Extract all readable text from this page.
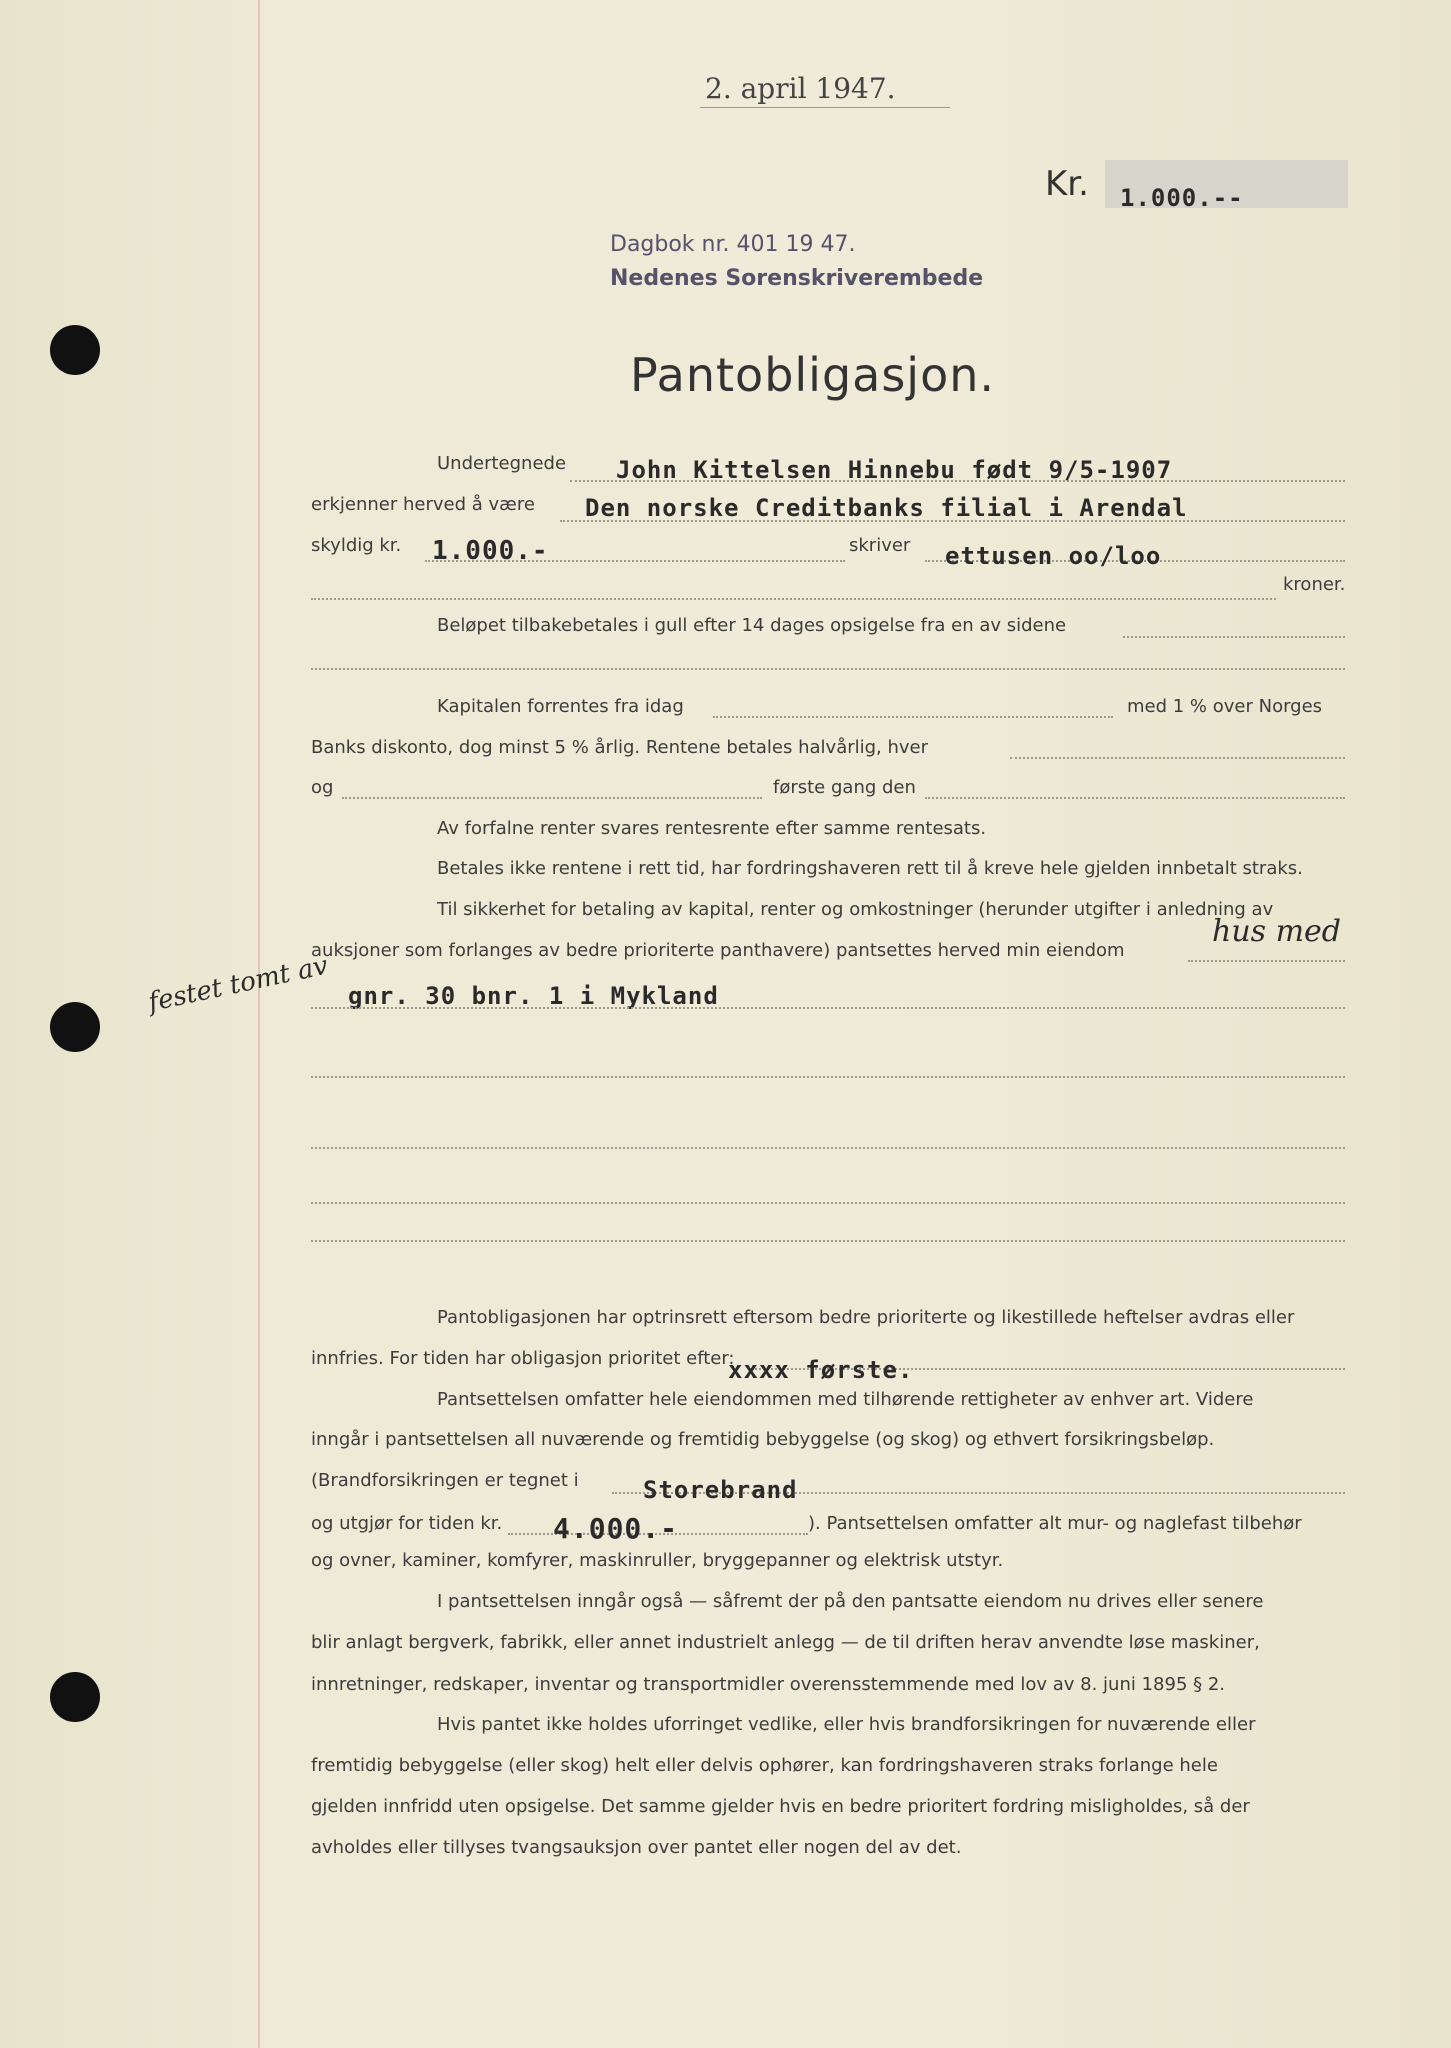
2. april 1947.
Kr. 1.000.--
Dagbok nr. 401 19 47.
Nedenes Sorenskriverembede
Pantobligasjon.
Undertegnede John Kittelsen Hinnebu født 9/5-1907
erkjenner herved å være Den norske Creditbanks filial i Arendal
skyldig kr. 1.000.-	skriver ettusen oo/loo
kroner.
Beløpet tilbakebetales i gull efter 14 dages opsigelse fra en av sidene
Kapitalen forrentes fra idag	med 1 % over Norges
Banks diskonto, dog minst 5 % årlig. Rentene betales halvårlig, hver
og	første gang den
Av forfalne renter svares rentesrente efter samme rentesats.
Betales ikke rentene i rett tid, har fordringshaveren rett til å kreve hele gjelden innbetalt straks.
Til sikkerhet for betaling av kapital, renter og omkostninger (herunder utgifter i anledning av
auksjoner som forlanges av bedre prioriterte panthavere) pantsettes herved min eiendom
hus med
festet tomt av gnr. 30 bnr. 1 i Mykland
Pantobligasjonen har optrinsrett eftersom bedre prioriterte og likestillede heftelser avdras eller
innfries. For tiden har obligasjon prioritet efter:
xxxx første.
Pantsettelsen omfatter hele eiendommen med tilhørende rettigheter av enhver art. Videre
inngår i pantsettelsen all nuværende og fremtidig bebyggelse (og skog) og ethvert forsikringsbeløp.
(Brandforsikringen er tegnet i	Storebrand
og utgjør for tiden kr. 4.000.-	). Pantsettelsen omfatter alt mur- og naglefast tilbehør
og ovner, kaminer, komfyrer, maskinruller, bryggepanner og elektrisk utstyr.
I pantsettelsen inngår også — såfremt der på den pantsatte eiendom nu drives eller senere
blir anlagt bergverk, fabrikk, eller annet industrielt anlegg — de til driften herav anvendte løse maskiner,
innretninger, redskaper, inventar og transportmidler overensstemmende med lov av 8. juni 1895 § 2.
Hvis pantet ikke holdes uforringet vedlike, eller hvis brandforsikringen for nuværende eller
fremtidig bebyggelse (eller skog) helt eller delvis ophører, kan fordringshaveren straks forlange hele
gjelden innfridd uten opsigelse. Det samme gjelder hvis en bedre prioritert fordring misligholdes, så der
avholdes eller tillyses tvangsauksjon over pantet eller nogen del av det.
